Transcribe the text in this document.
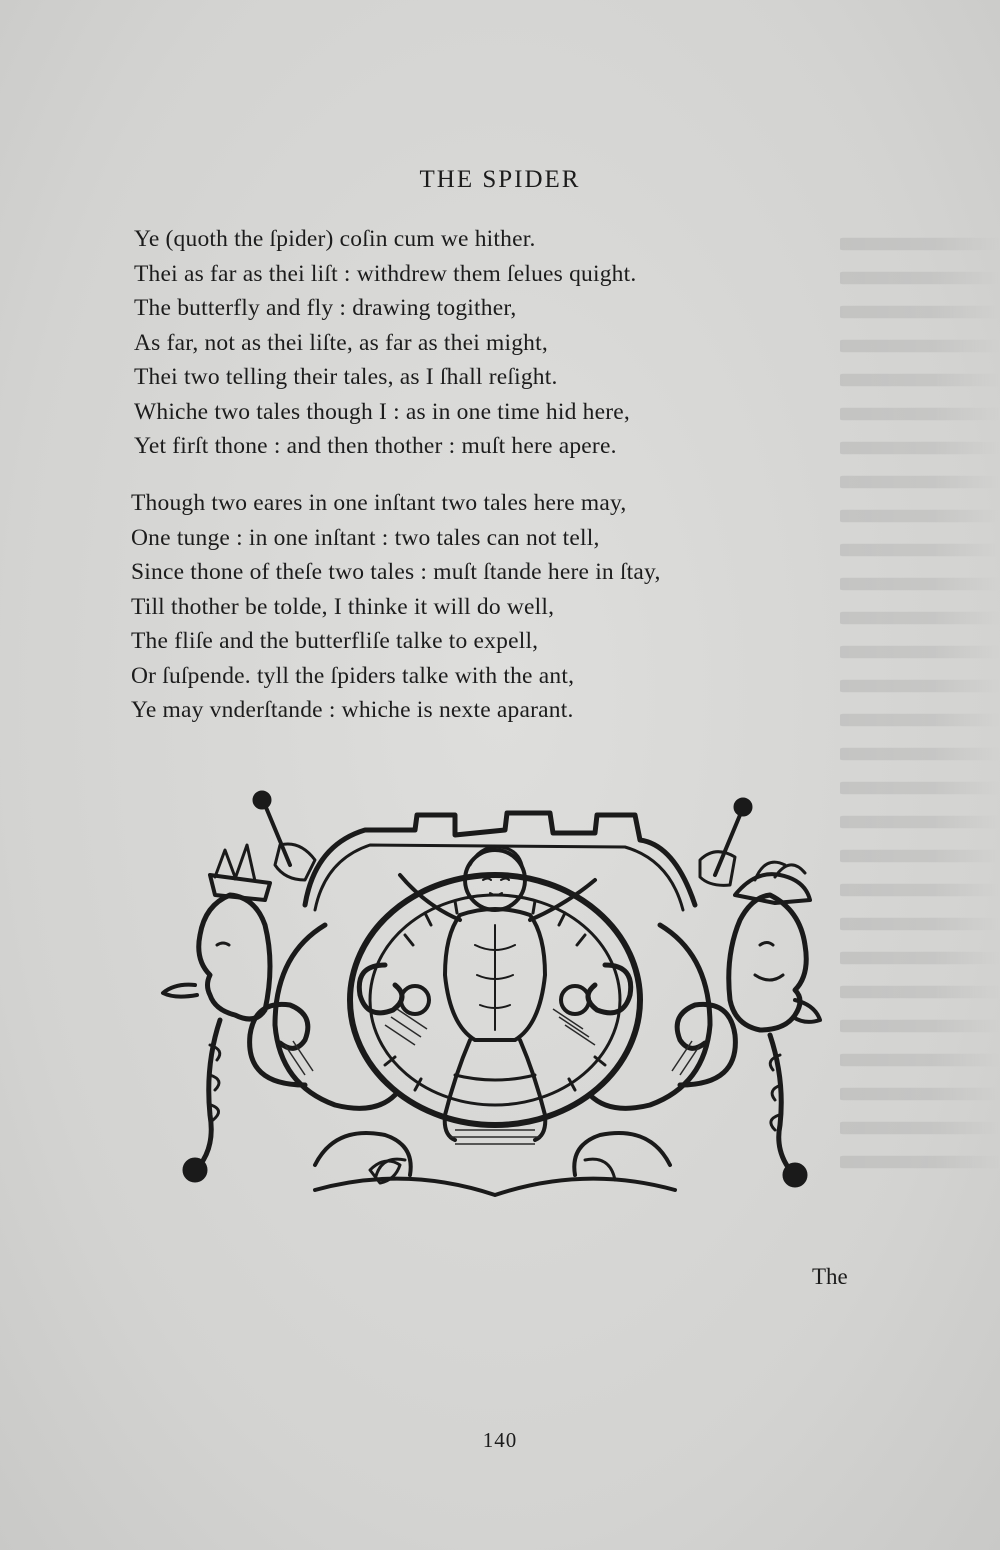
THE SPIDER
Ye (quoth the ſpider) coſin cum we hither.
Thei as far as thei liſt : withdrew them ſelues quight.
The butterfly and fly : drawing togither,
As far, not as thei liſte, as far as thei might,
Thei two telling their tales, as I ſhall reſight.
Whiche two tales though I : as in one time hid here,
Yet firſt thone : and then thother : muſt here apere.
Though two eares in one inſtant two tales here may,
One tunge : in one inſtant : two tales can not tell,
Since thone of theſe two tales : muſt ſtande here in ſtay,
Till thother be tolde, I thinke it will do well,
The fliſe and the butterfliſe talke to expell,
Or ſuſpende. tyll the ſpiders talke with the ant,
Ye may vnderſtande : whiche is nexte aparant.
The
140
